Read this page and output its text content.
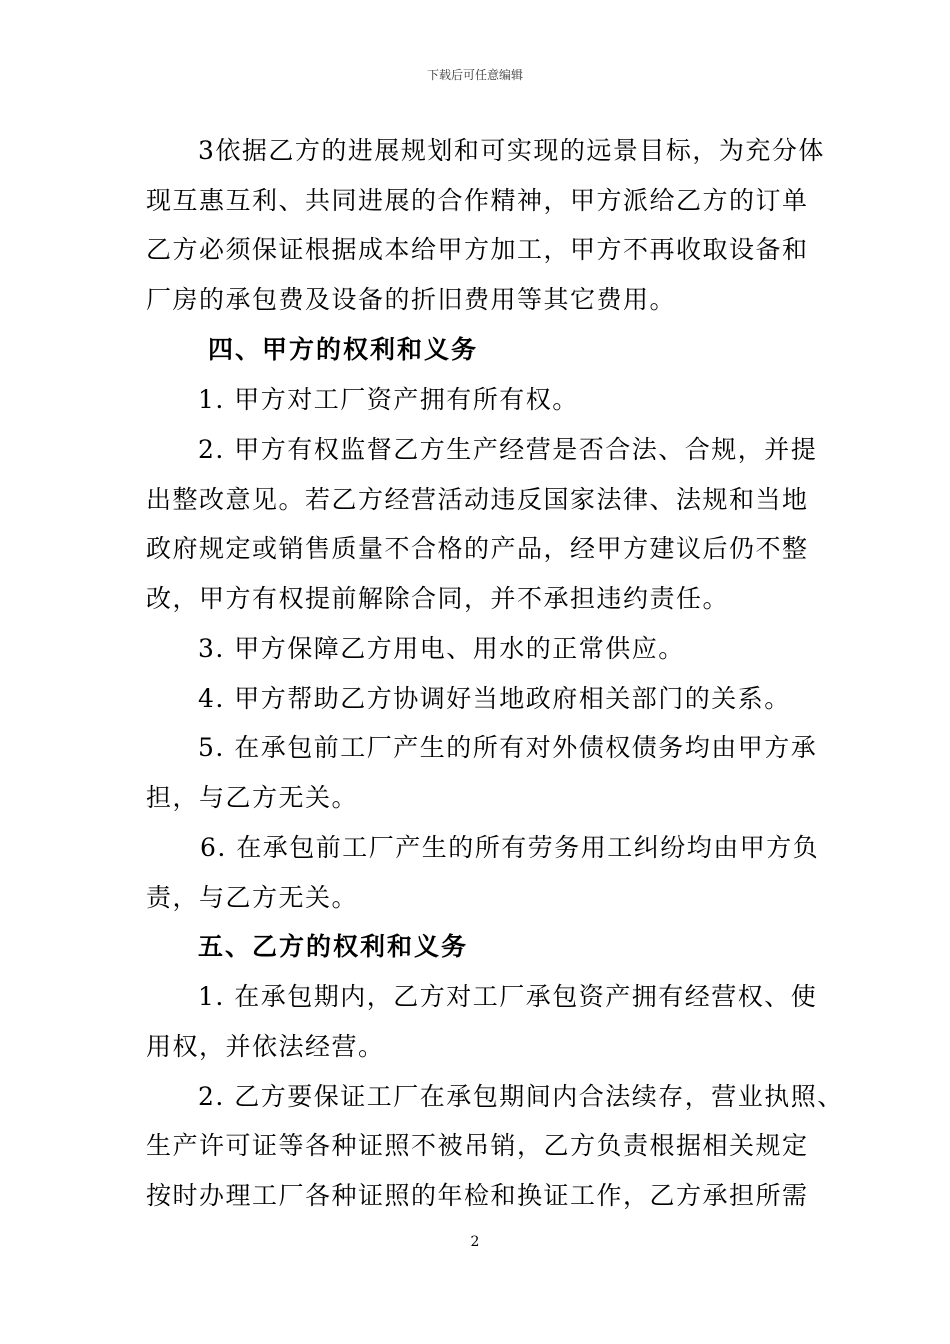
下载后可任意编辑
3依据乙方的进展规划和可实现的远景目标，为充分体
现互惠互利、共同进展的合作精神，甲方派给乙方的订单
乙方必须保证根据成本给甲方加工，甲方不再收取设备和
厂房的承包费及设备的折旧费用等其它费用。
四、甲方的权利和义务
1. 甲方对工厂资产拥有所有权。
2. 甲方有权监督乙方生产经营是否合法、合规，并提
出整改意见。若乙方经营活动违反国家法律、法规和当地
政府规定或销售质量不合格的产品，经甲方建议后仍不整
改，甲方有权提前解除合同，并不承担违约责任。
3. 甲方保障乙方用电、用水的正常供应。
4. 甲方帮助乙方协调好当地政府相关部门的关系。
5. 在承包前工厂产生的所有对外债权债务均由甲方承
担，与乙方无关。
6. 在承包前工厂产生的所有劳务用工纠纷均由甲方负
责，与乙方无关。
五、乙方的权利和义务
1. 在承包期内，乙方对工厂承包资产拥有经营权、使
用权，并依法经营。
2. 乙方要保证工厂在承包期间内合法续存，营业执照、
生产许可证等各种证照不被吊销，乙方负责根据相关规定
按时办理工厂各种证照的年检和换证工作，乙方承担所需
2
